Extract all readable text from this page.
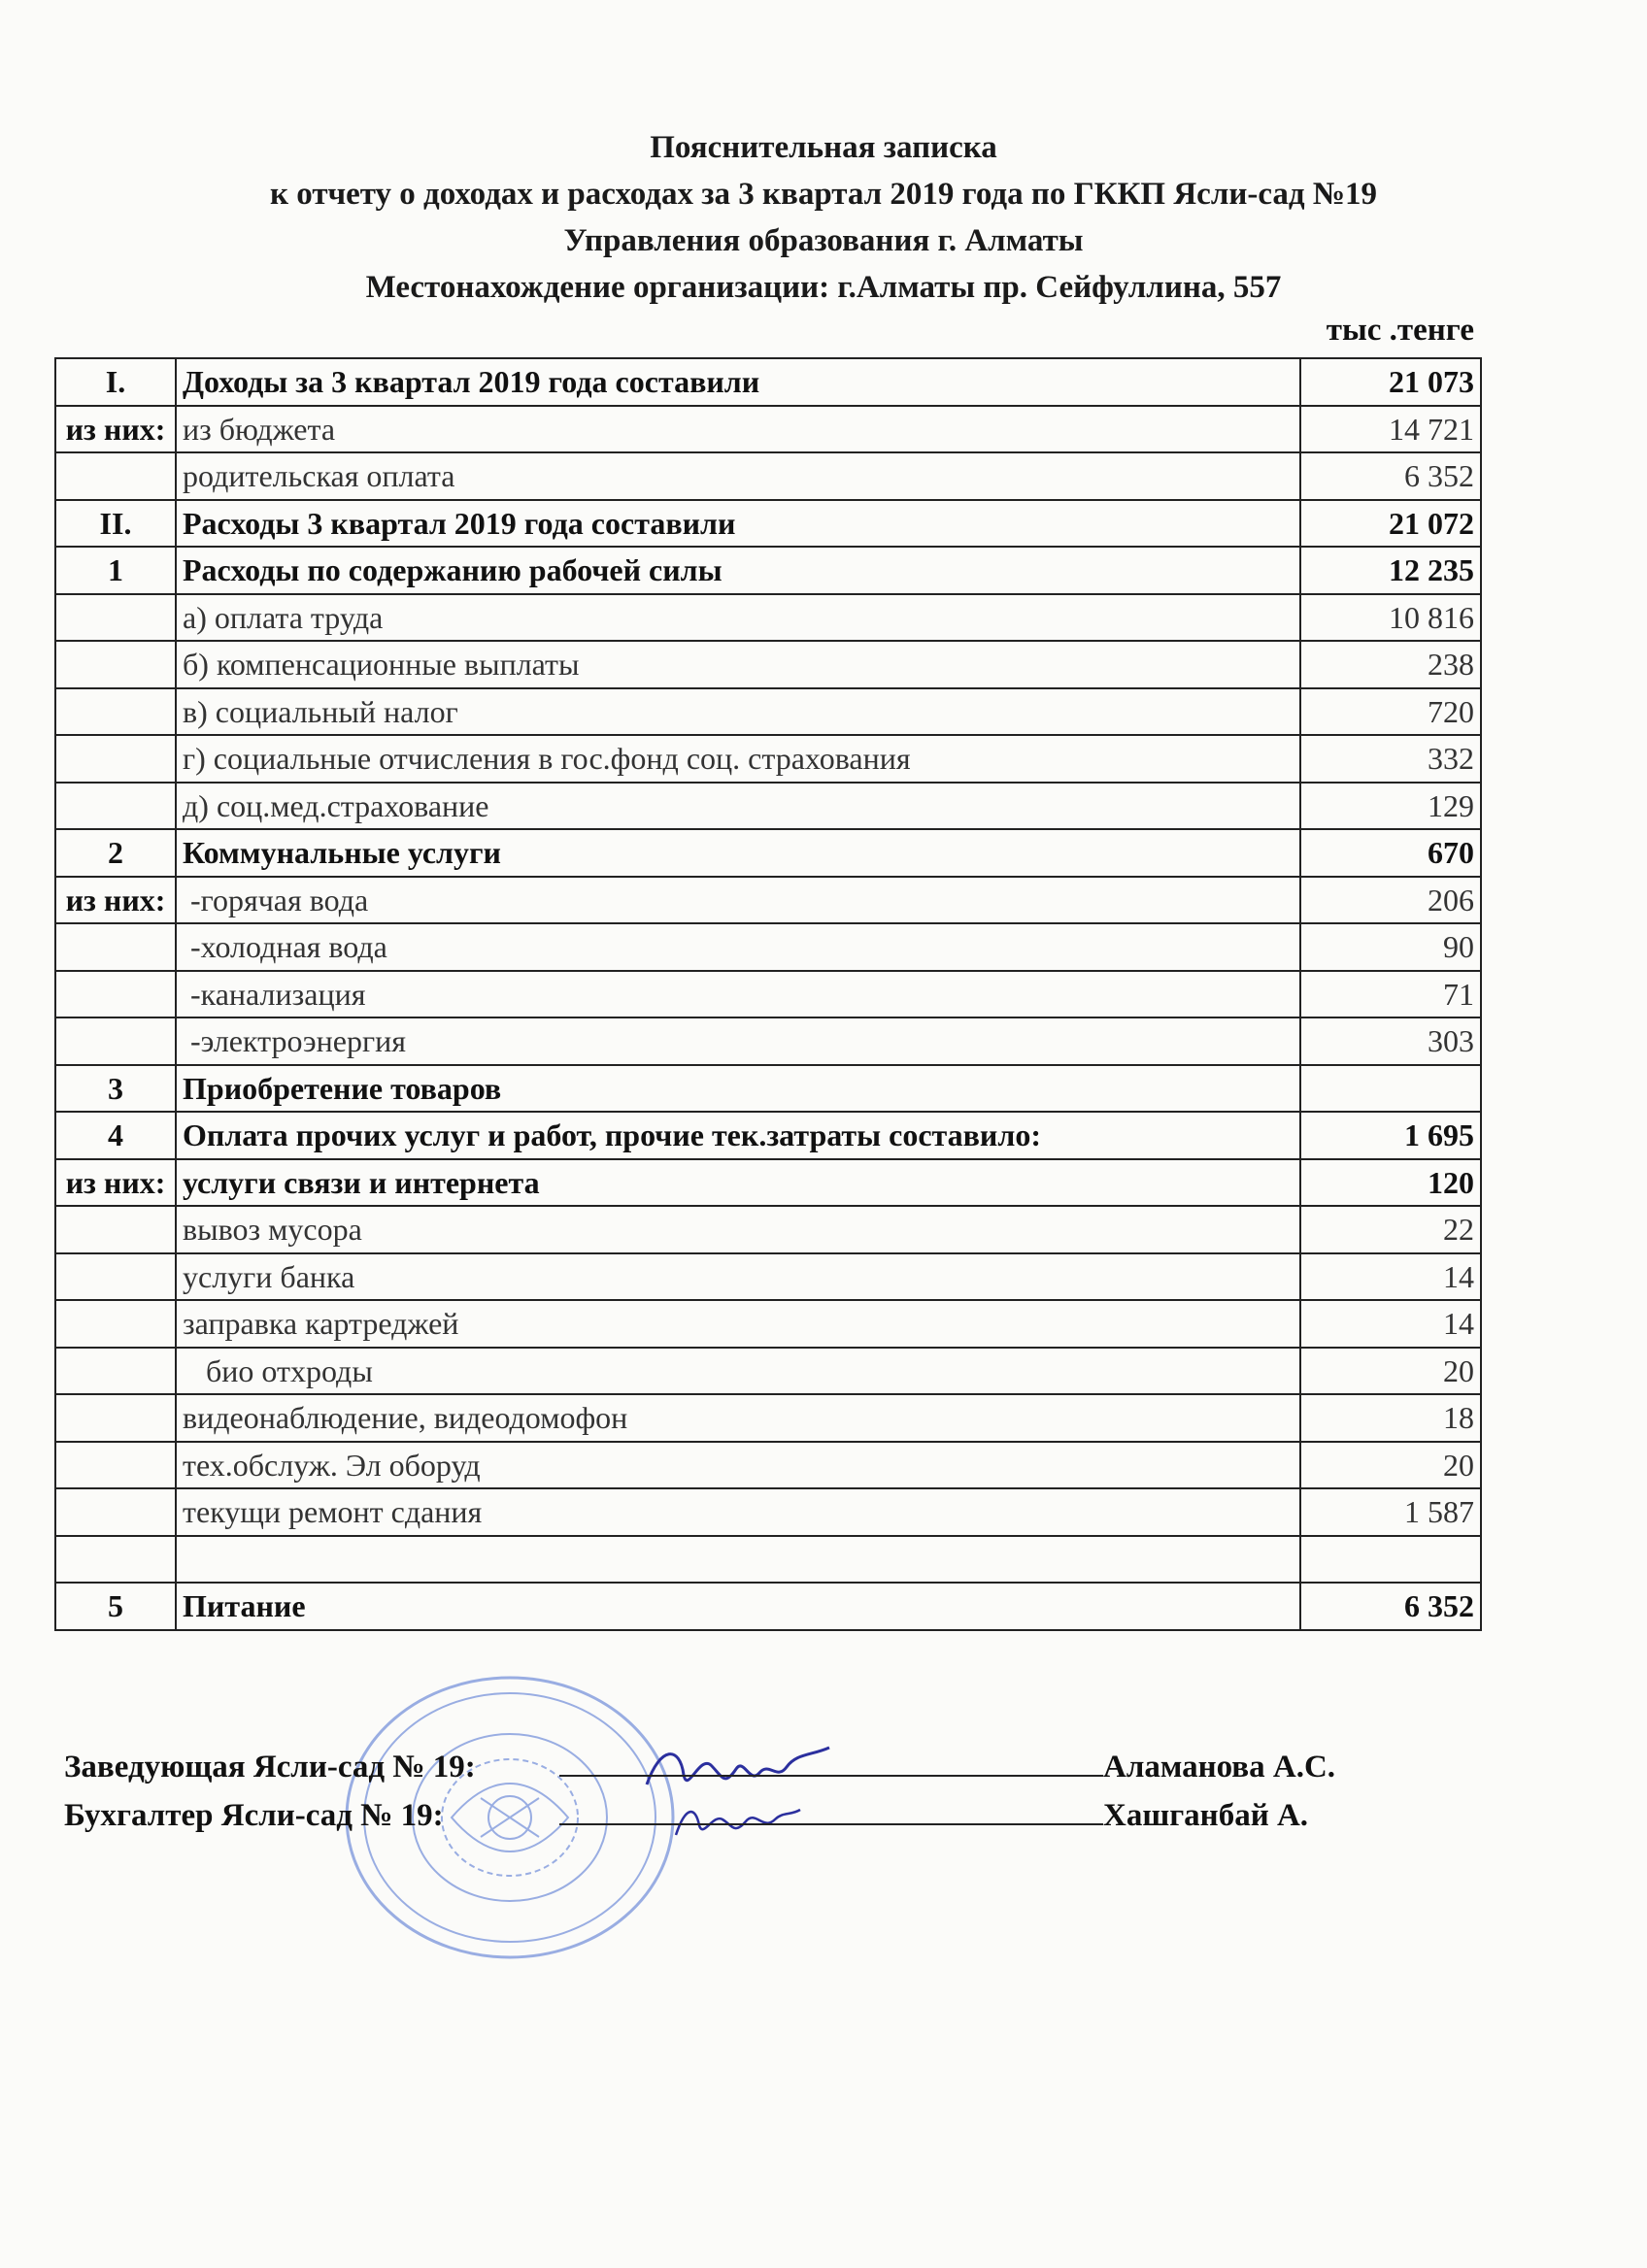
Пояснительная записка
к отчету о доходах и расходах за 3 квартал 2019 года по ГККП Ясли-сад №19
Управления образования г. Алматы
Местонахождение организации: г.Алматы пр. Сейфуллина, 557
тыс .тенге
I.	Доходы за 3 квартал 2019 года составили	21 073
из них:	из бюджета	14 721
	родительская оплата	6 352
II.	Расходы 3 квартал 2019 года составили	21 072
1	Расходы по содержанию рабочей силы	12 235
	а) оплата труда	10 816
	б) компенсационные выплаты	238
	в) социальный налог	720
	г) социальные отчисления в гос.фонд соц. страхования	332
	д) соц.мед.страхование	129
2	Коммунальные услуги	670
из них:	-горячая вода	206
	-холодная вода	90
	-канализация	71
	-электроэнергия	303
3	Приобретение товаров	
4	Оплата прочих услуг и работ, прочие тек.затраты составило:	1 695
из них:	услуги связи и интернета	120
	вывоз мусора	22
	услуги банка	14
	заправка картреджей	14
	био отхроды	20
	видеонаблюдение, видеодомофон	18
	тех.обслуж. Эл оборуд	20
	текущи ремонт сдания	1 587

5	Питание	6 352
Заведующая Ясли-сад № 19:	Аламанова А.С.
Бухгалтер Ясли-сад № 19:	Хашганбай А.
